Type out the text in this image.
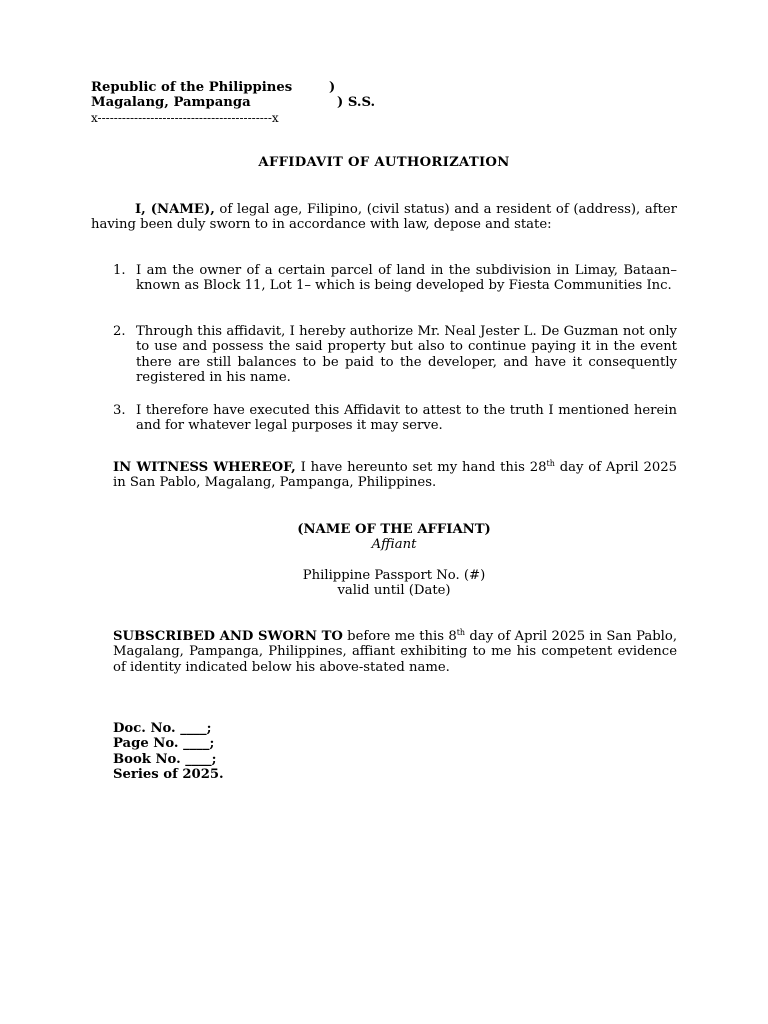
Republic of the Philippines	)
Magalang, Pampanga	) S.S.
x-------------------------------------------x
AFFIDAVIT OF AUTHORIZATION
I, (NAME), of legal age, Filipino, (civil status) and a resident of (address), after having been duly sworn to in accordance with law, depose and state:
1. I am the owner of a certain parcel of land in the subdivision in Limay, Bataan– known as Block 11, Lot 1– which is being developed by Fiesta Communities Inc.
2. Through this affidavit, I hereby authorize Mr. Neal Jester L. De Guzman not only to use and possess the said property but also to continue paying it in the event there are still balances to be paid to the developer, and have it consequently registered in his name.
3. I therefore have executed this Affidavit to attest to the truth I mentioned herein and for whatever legal purposes it may serve.
IN WITNESS WHEREOF, I have hereunto set my hand this 28th day of April 2025 in San Pablo, Magalang, Pampanga, Philippines.
(NAME OF THE AFFIANT)
Affiant
Philippine Passport No. (#)
valid until (Date)
SUBSCRIBED AND SWORN TO before me this 8th day of April 2025 in San Pablo, Magalang, Pampanga, Philippines, affiant exhibiting to me his competent evidence of identity indicated below his above-stated name.
Doc. No. ____;
Page No. ____;
Book No. ____;
Series of 2025.
